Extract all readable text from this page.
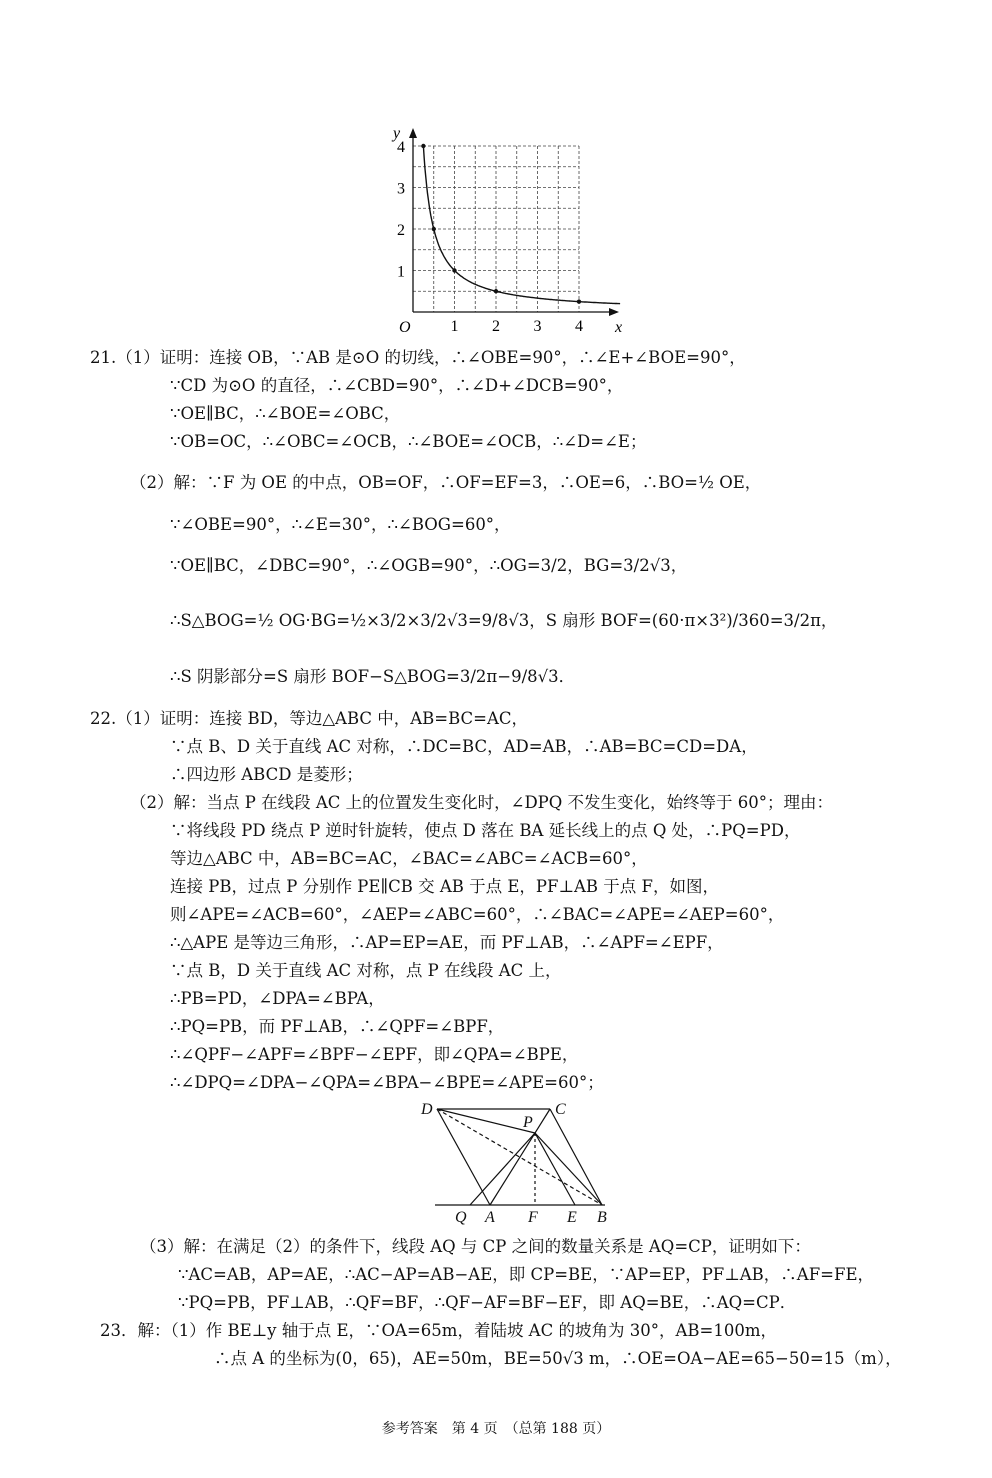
y
x
O 1 2 3 4
1
2
3
4
21.（1）证明：连接 OB，∵AB 是⊙O 的切线，∴∠OBE=90°，∴∠E+∠BOE=90°，
∵CD 为⊙O 的直径，∴∠CBD=90°，∴∠D+∠DCB=90°，
∵OE∥BC，∴∠BOE=∠OBC，
∵OB=OC，∴∠OBC=∠OCB，∴∠BOE=∠OCB，∴∠D=∠E；
（2）解：∵F 为 OE 的中点，OB=OF，∴OF=EF=3，∴OE=6，∴BO=½ OE，
∵∠OBE=90°，∴∠E=30°，∴∠BOG=60°，
∵OE∥BC，∠DBC=90°，∴∠OGB=90°，∴OG=3/2，BG=3/2√3，
∴S△BOG=½ OG·BG=½×3/2×3/2√3=9/8√3，S 扇形 BOF=(60·π×3²)/360=3/2π，
∴S 阴影部分=S 扇形 BOF−S△BOG=3/2π−9/8√3．
22.（1）证明：连接 BD，等边△ABC 中，AB=BC=AC，
∵点 B、D 关于直线 AC 对称，∴DC=BC，AD=AB，∴AB=BC=CD=DA，
∴四边形 ABCD 是菱形；
（2）解：当点 P 在线段 AC 上的位置发生变化时，∠DPQ 不发生变化，始终等于 60°；理由：
∵将线段 PD 绕点 P 逆时针旋转，使点 D 落在 BA 延长线上的点 Q 处，∴PQ=PD，
等边△ABC 中，AB=BC=AC，∠BAC=∠ABC=∠ACB=60°，
连接 PB，过点 P 分别作 PE∥CB 交 AB 于点 E，PF⊥AB 于点 F，如图，
则∠APE=∠ACB=60°，∠AEP=∠ABC=60°，∴∠BAC=∠APE=∠AEP=60°，
∴△APE 是等边三角形，∴AP=EP=AE，而 PF⊥AB，∴∠APF=∠EPF，
∵点 B，D 关于直线 AC 对称，点 P 在线段 AC 上，
∴PB=PD，∠DPA=∠BPA，
∴PQ=PB，而 PF⊥AB，∴∠QPF=∠BPF，
∴∠QPF−∠APF=∠BPF−∠EPF，即∠QPA=∠BPE，
∴∠DPQ=∠DPA−∠QPA=∠BPA−∠BPE=∠APE=60°；
D	C
P
Q A F E B
（3）解：在满足（2）的条件下，线段 AQ 与 CP 之间的数量关系是 AQ=CP，证明如下：
∵AC=AB，AP=AE，∴AC−AP=AB−AE，即 CP=BE，∵AP=EP，PF⊥AB，∴AF=FE，
∵PQ=PB，PF⊥AB，∴QF=BF，∴QF−AF=BF−EF，即 AQ=BE，∴AQ=CP．
23．解：（1）作 BE⊥y 轴于点 E，∵OA=65m，着陆坡 AC 的坡角为 30°，AB=100m，
∴点 A 的坐标为(0，65)，AE=50m，BE=50√3 m，∴OE=OA−AE=65−50=15（m），
参考答案　第 4 页　（总第 188 页）
